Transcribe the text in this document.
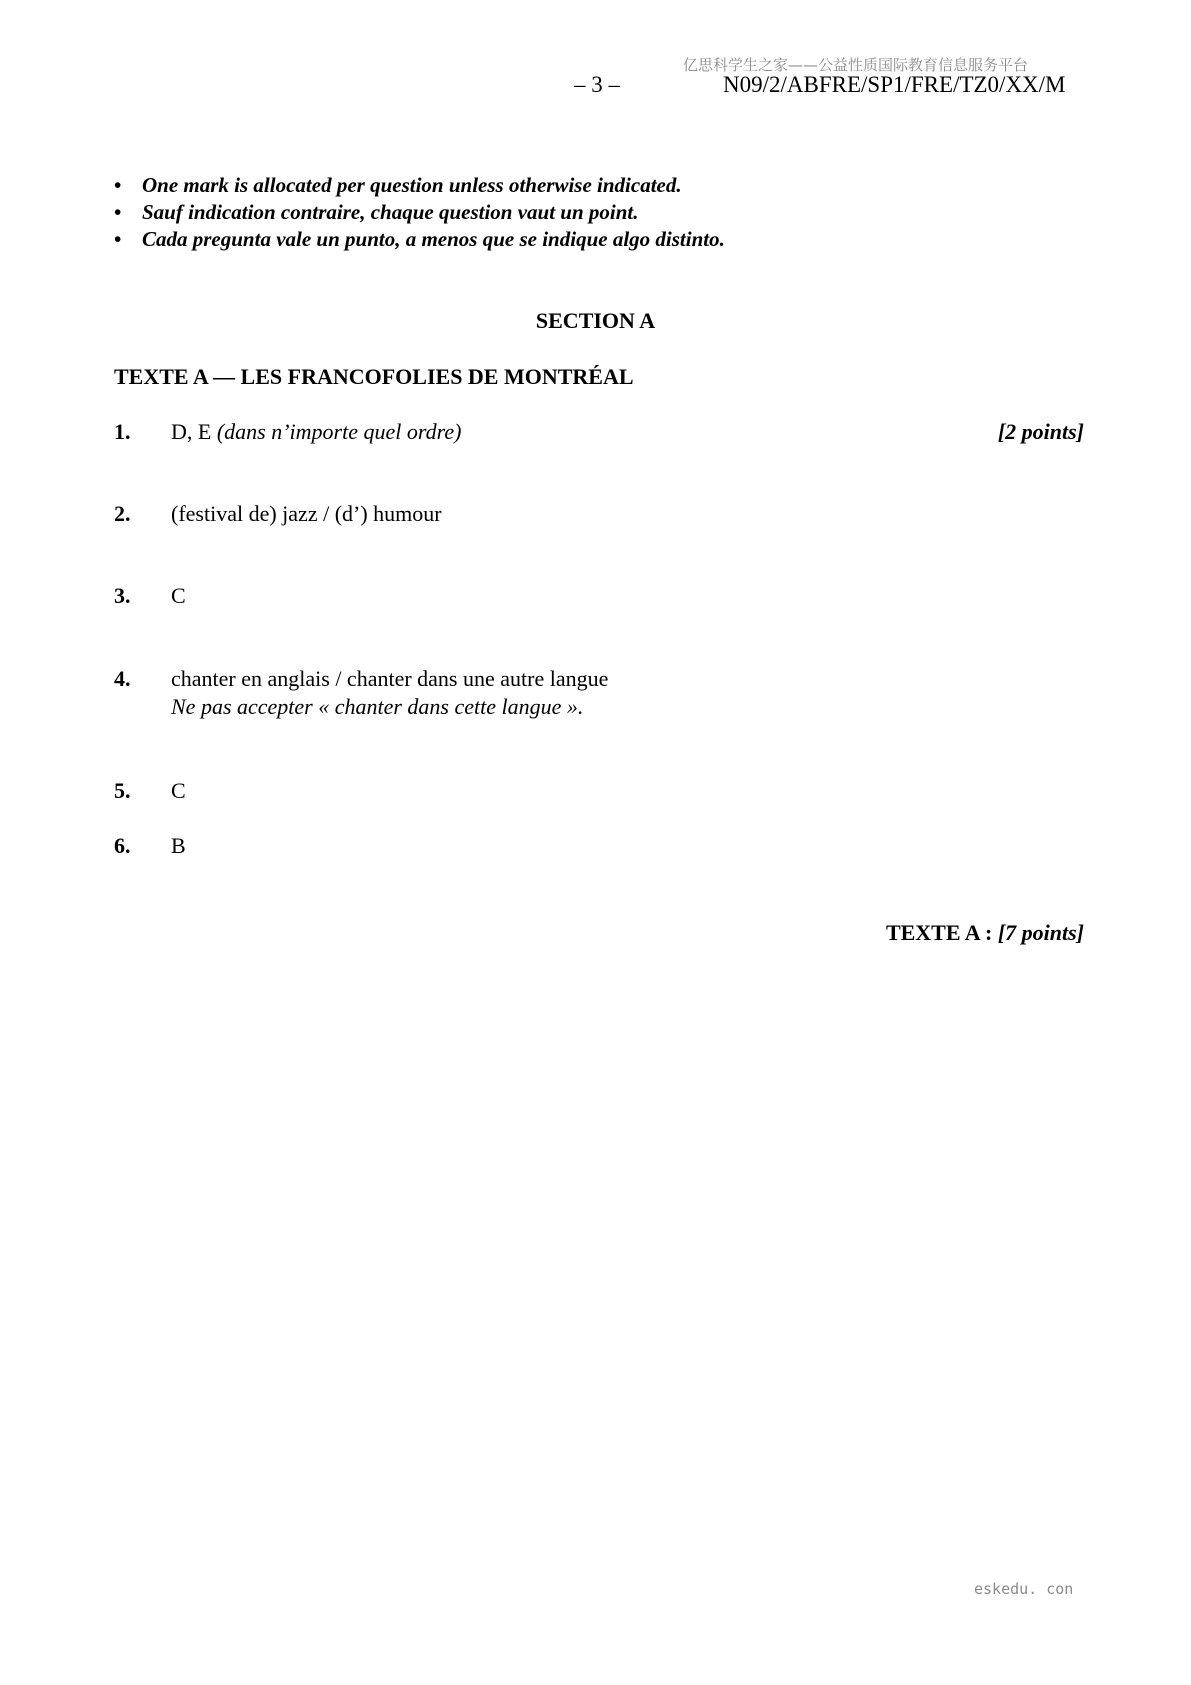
亿思科学生之家——公益性质国际教育信息服务平台
– 3 –	N09/2/ABFRE/SP1/FRE/TZ0/XX/M
• One mark is allocated per question unless otherwise indicated.
• Sauf indication contraire, chaque question vaut un point.
• Cada pregunta vale un punto, a menos que se indique algo distinto.
SECTION A
TEXTE A — LES FRANCOFOLIES DE MONTRÉAL
1. D, E (dans n’importe quel ordre)	[2 points]
2. (festival de) jazz / (d’) humour
3. C
4. chanter en anglais / chanter dans une autre langue
Ne pas accepter « chanter dans cette langue ».
5. C
6. B
TEXTE A : [7 points]
eskedu. con
